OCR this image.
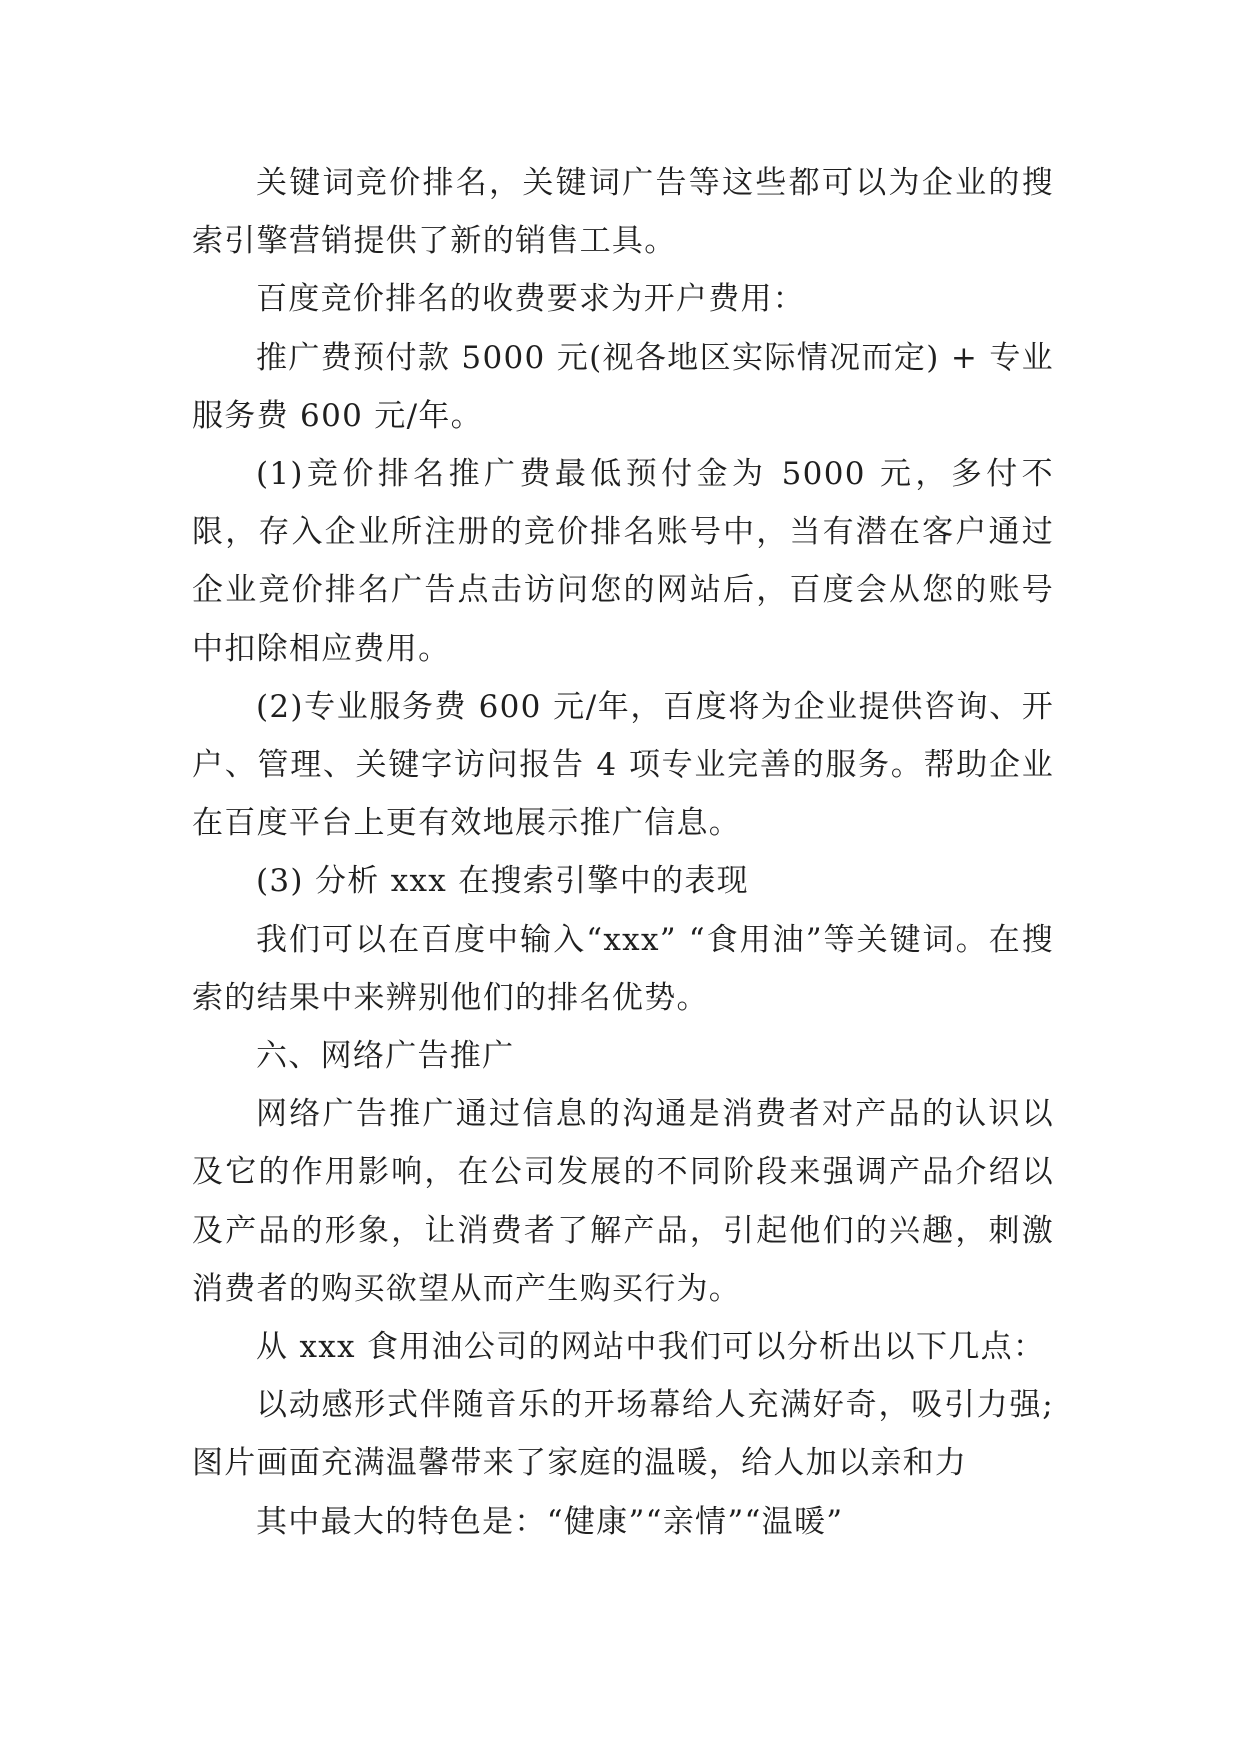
关键词竞价排名，关键词广告等这些都可以为企业的搜索引擎营销提供了新的销售工具。

百度竞价排名的收费要求为开户费用：

推广费预付款 5000 元(视各地区实际情况而定) + 专业服务费 600 元/年。

(1)竞价排名推广费最低预付金为 5000 元，多付不限，存入企业所注册的竞价排名账号中，当有潜在客户通过企业竞价排名广告点击访问您的网站后，百度会从您的账号中扣除相应费用。

(2)专业服务费 600 元/年，百度将为企业提供咨询、开户、管理、关键字访问报告 4 项专业完善的服务。帮助企业在百度平台上更有效地展示推广信息。

(3) 分析 xxx 在搜索引擎中的表现

我们可以在百度中输入“xxx” “食用油”等关键词。在搜索的结果中来辨别他们的排名优势。

六、网络广告推广

网络广告推广通过信息的沟通是消费者对产品的认识以及它的作用影响，在公司发展的不同阶段来强调产品介绍以及产品的形象，让消费者了解产品，引起他们的兴趣，刺激消费者的购买欲望从而产生购买行为。

从 xxx 食用油公司的网站中我们可以分析出以下几点：

以动感形式伴随音乐的开场幕给人充满好奇，吸引力强;图片画面充满温馨带来了家庭的温暖，给人加以亲和力

其中最大的特色是：“健康”“亲情”“温暖”
